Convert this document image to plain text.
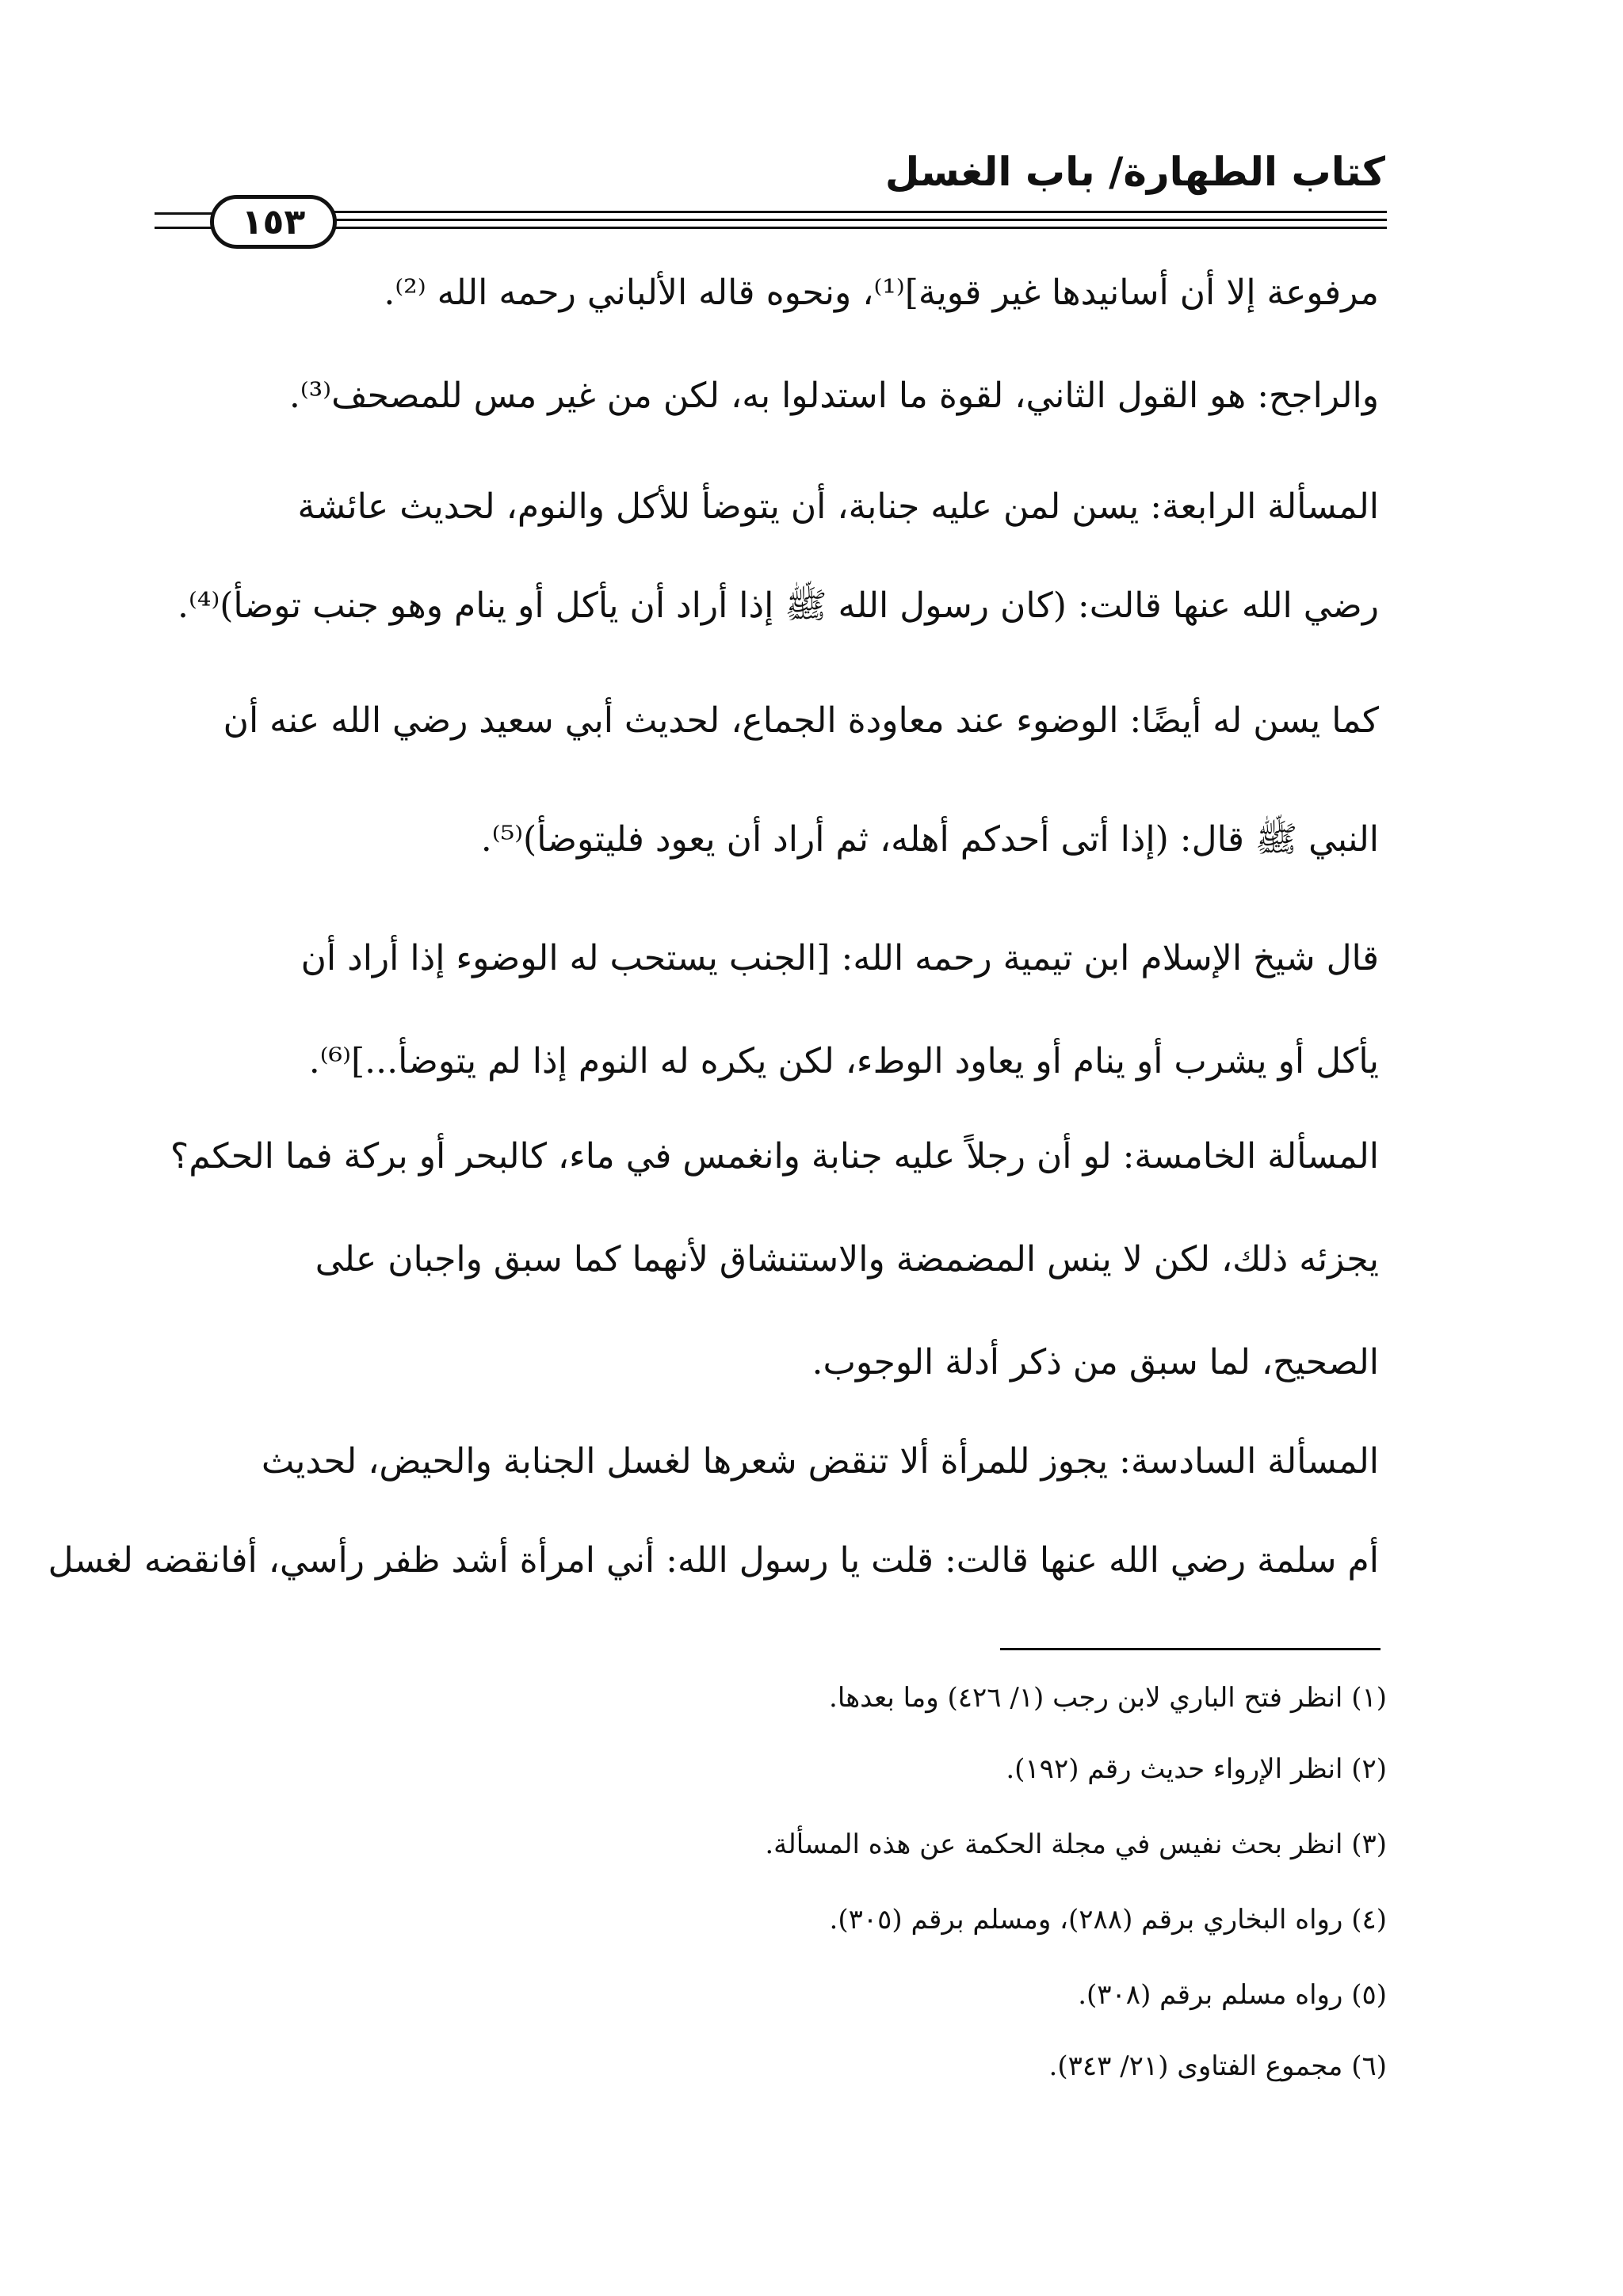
كتاب الطهارة/ باب الغسل
١٥٣
مرفوعة إلا أن أسانيدها غير قوية]⁽¹⁾، ونحوه قاله الألباني رحمه الله ⁽²⁾.
والراجح: هو القول الثاني، لقوة ما استدلوا به، لكن من غير مس للمصحف⁽³⁾.
المسألة الرابعة: يسن لمن عليه جنابة، أن يتوضأ للأكل والنوم، لحديث عائشة
رضي الله عنها قالت: (كان رسول الله ﷺ إذا أراد أن يأكل أو ينام وهو جنب توضأ)⁽⁴⁾.
كما يسن له أيضًا: الوضوء عند معاودة الجماع، لحديث أبي سعيد رضي الله عنه أن
النبي ﷺ قال: (إذا أتى أحدكم أهله، ثم أراد أن يعود فليتوضأ)⁽⁵⁾.
قال شيخ الإسلام ابن تيمية رحمه الله: [الجنب يستحب له الوضوء إذا أراد أن
يأكل أو يشرب أو ينام أو يعاود الوطء، لكن يكره له النوم إذا لم يتوضأ...]⁽⁶⁾.
المسألة الخامسة: لو أن رجلاً عليه جنابة وانغمس في ماء، كالبحر أو بركة فما الحكم؟
يجزئه ذلك، لكن لا ينس المضمضة والاستنشاق لأنهما كما سبق واجبان على
الصحيح، لما سبق من ذكر أدلة الوجوب.
المسألة السادسة: يجوز للمرأة ألا تنقض شعرها لغسل الجنابة والحيض، لحديث
أم سلمة رضي الله عنها قالت: قلت يا رسول الله: أني امرأة أشد ظفر رأسي، أفانقضه لغسل
(١) انظر فتح الباري لابن رجب (١/ ٤٢٦) وما بعدها.
(٢) انظر الإرواء حديث رقم (١٩٢).
(٣) انظر بحث نفيس في مجلة الحكمة عن هذه المسألة.
(٤) رواه البخاري برقم (٢٨٨)، ومسلم برقم (٣٠٥).
(٥) رواه مسلم برقم (٣٠٨).
(٦) مجموع الفتاوى (٢١/ ٣٤٣).
